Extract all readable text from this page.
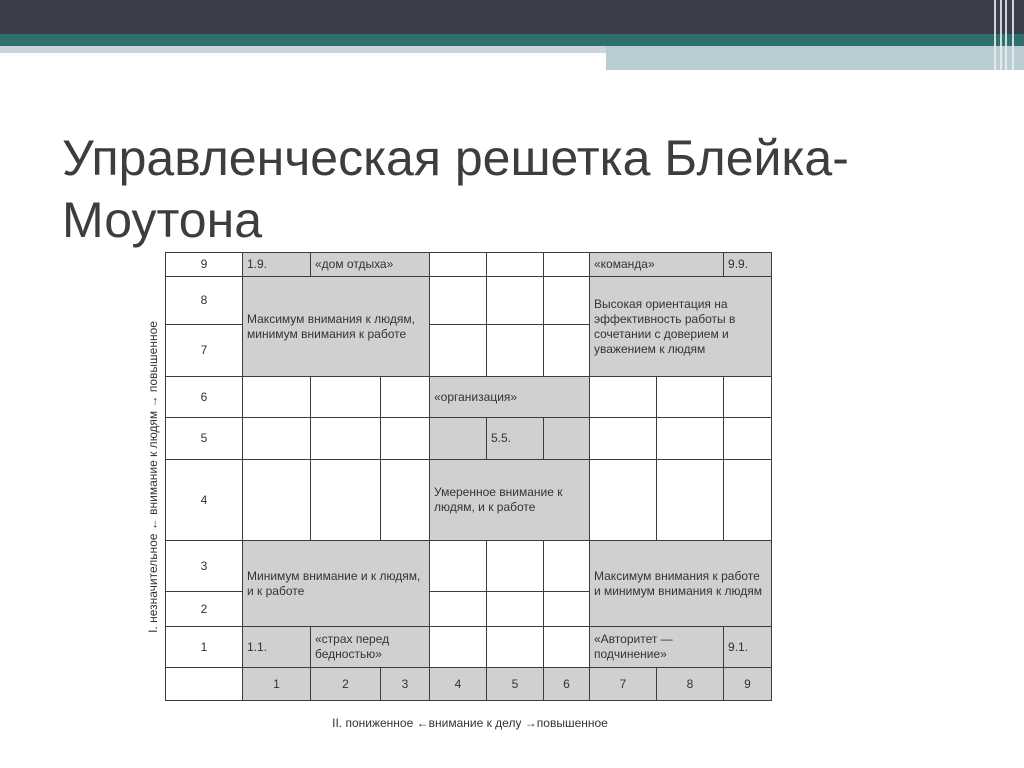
Управленческая решетка Блейка-Моутона
9	1.9.	«дом отдыха»					«команда»		9.9.
8	Максимум внимания к людям, минимум внимания к работе						Высокая ориентация на эффективность работы в сочетании с доверием и уважением к людям		
7									
6				«организация»					
5					5.5.				
4				Умеренное внимание к людям, и к работе					
3	Минимум внимание и к людям, и к работе						Максимум внимания к работе и минимум внимания к людям		
2									
1	1.1.	«страх перед бедностью»					«Авторитет — подчинение»		9.1.
	1	2	3	4	5	6	7	8	9
I. незначительное ← внимание к людям → повышенное
II. пониженное ←внимание к делу →повышенное
